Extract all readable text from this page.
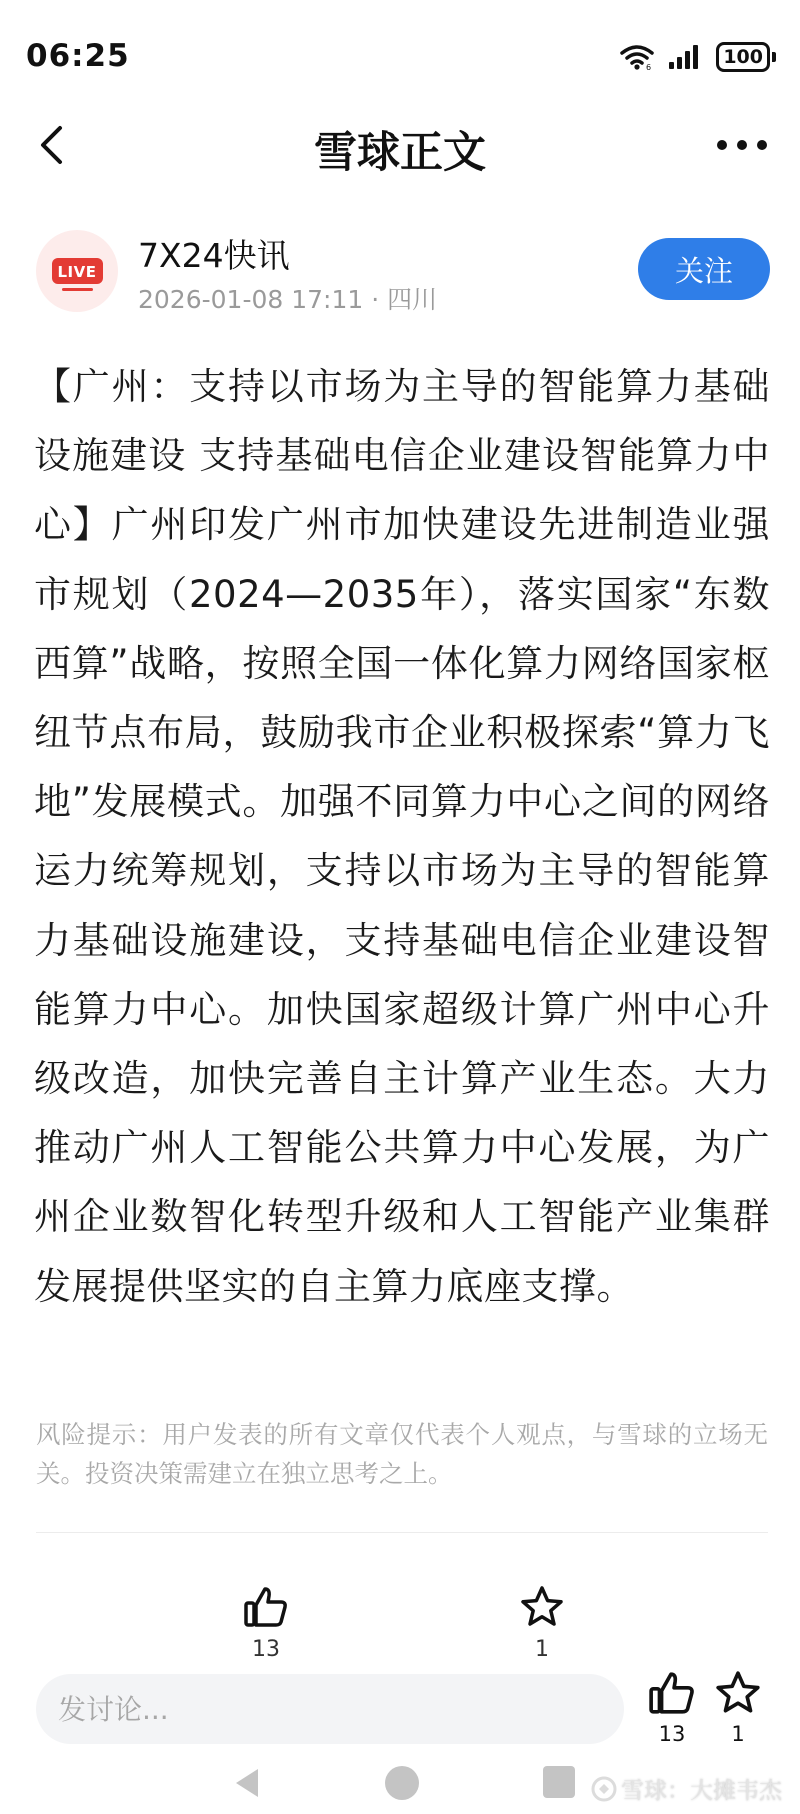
06:25	6	100
雪球正文
LIVE 7X24快讯
2026-01-08 17:11 · 四川
关注
【广州：支持以市场为主导的智能算力基础设施建设 支持基础电信企业建设智能算力中心】广州印发广州市加快建设先进制造业强市规划（2024—2035年），落实国家“东数西算”战略，按照全国一体化算力网络国家枢纽节点布局，鼓励我市企业积极探索“算力飞地”发展模式。加强不同算力中心之间的网络运力统筹规划，支持以市场为主导的智能算力基础设施建设，支持基础电信企业建设智能算力中心。加快国家超级计算广州中心升级改造，加快完善自主计算产业生态。大力推动广州人工智能公共算力中心发展，为广州企业数智化转型升级和人工智能产业集群发展提供坚实的自主算力底座支撑。
风险提示：用户发表的所有文章仅代表个人观点，与雪球的立场无关。投资决策需建立在独立思考之上。
13	1
发讨论...
13	1
雪球：大摊韦杰
